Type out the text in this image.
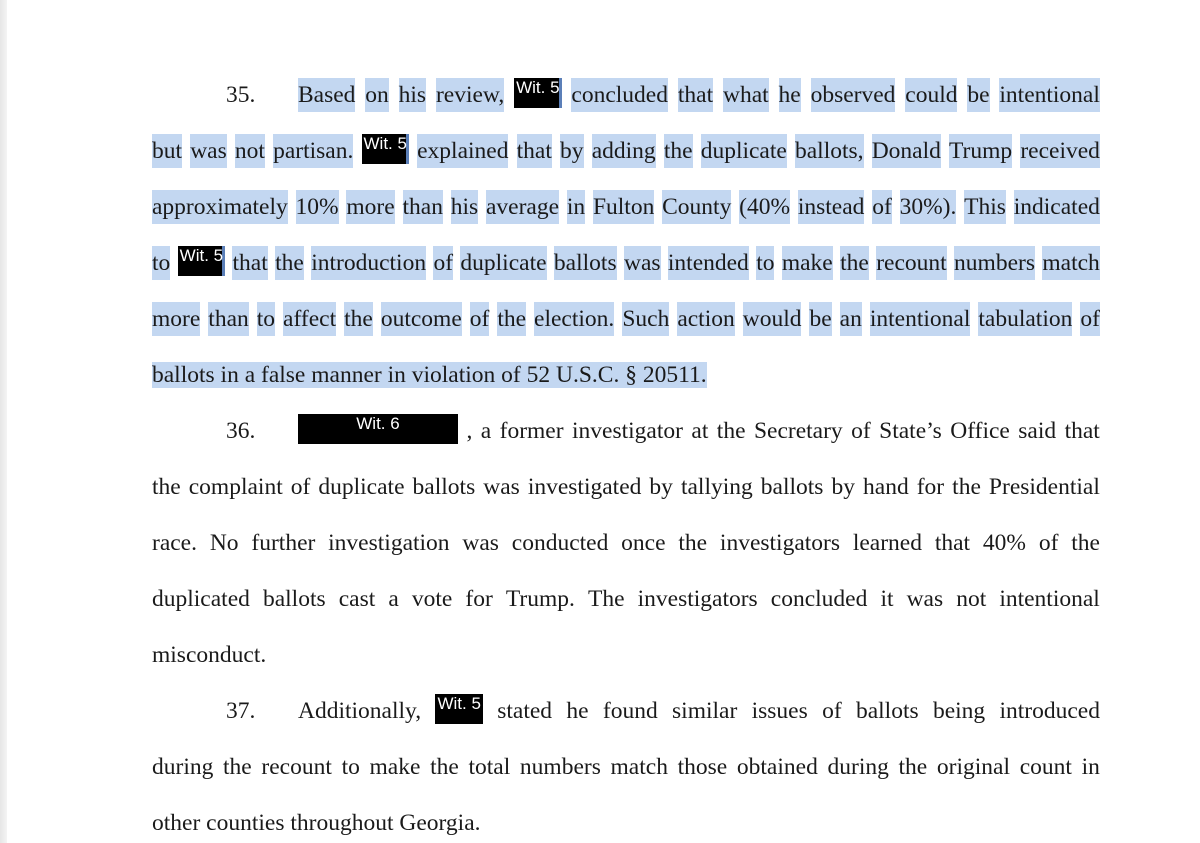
35. Based on his review, Wit. 5 concluded that what he observed could be intentional
but was not partisan. Wit. 5 explained that by adding the duplicate ballots, Donald Trump received
approximately 10% more than his average in Fulton County (40% instead of 30%). This indicated
to Wit. 5 that the introduction of duplicate ballots was intended to make the recount numbers match
more than to affect the outcome of the election. Such action would be an intentional tabulation of
ballots in a false manner in violation of 52 U.S.C. § 20511.
36.	Wit. 6	, a former investigator at the Secretary of State’s Office said that
the complaint of duplicate ballots was investigated by tallying ballots by hand for the Presidential
race. No further investigation was conducted once the investigators learned that 40% of the
duplicated ballots cast a vote for Trump. The investigators concluded it was not intentional
misconduct.
37. Additionally, Wit. 5 stated he found similar issues of ballots being introduced
during the recount to make the total numbers match those obtained during the original count in
other counties throughout Georgia.
